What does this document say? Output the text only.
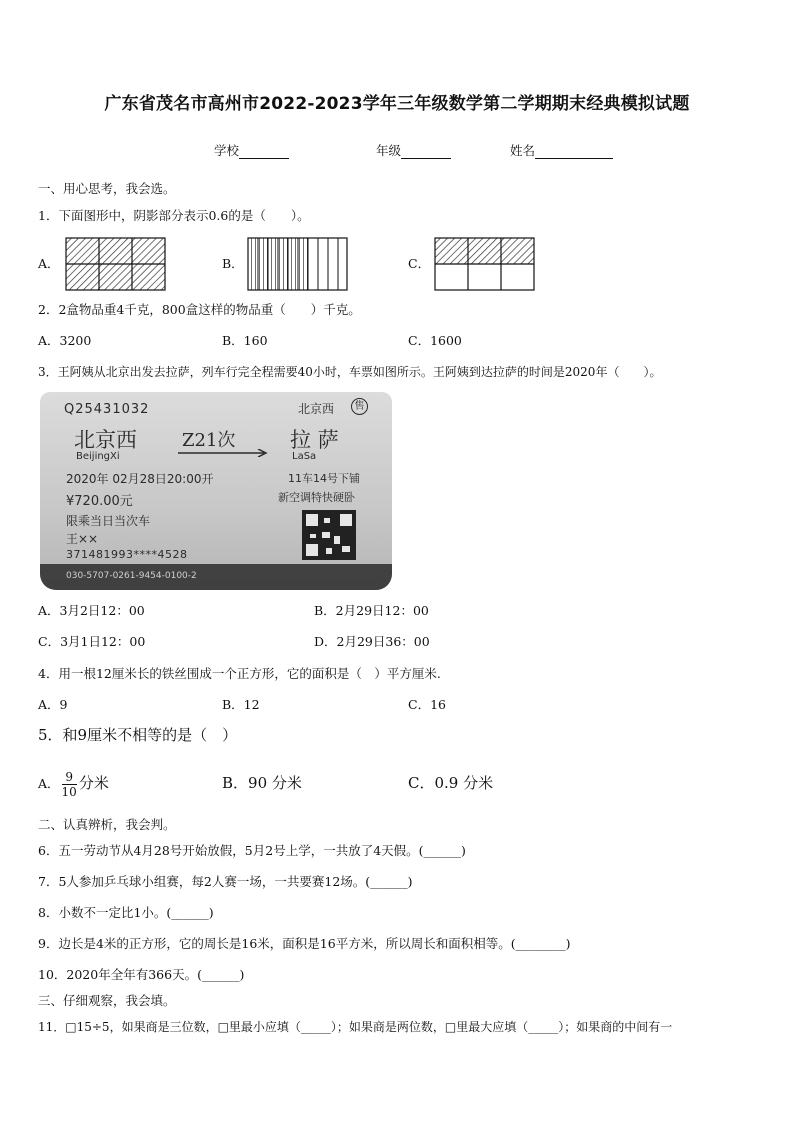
广东省茂名市高州市2022-2023学年三年级数学第二学期期末经典模拟试题
学校	年级	姓名
一、用心思考，我会选。
1．下面图形中，阴影部分表示0.6的是（　　）。
A．	B．	C．
2．2盒物品重4千克，800盒这样的物品重（　　）千克。
A．3200	B．160	C．1600
3．王阿姨从北京出发去拉萨，列车行完全程需要40小时，车票如图所示。王阿姨到达拉萨的时间是2020年（　　）。
Q25431032	北京西	售
北京西
BeijingXi
Z21次	拉 萨
LaSa
2020年 02月28日20:00开	11车14号下铺
¥720.00元	新空调特快硬卧
限乘当日当次车
王××
371481993****4528
030-5707-0261-9454-0100-2
A．3月2日12：00	B．2月29日12：00
C．3月1日12：00	D．2月29日36：00
4．用一根12厘米长的铁丝围成一个正方形，它的面积是（　）平方厘米.
A．9	B．12	C．16
5．和9厘米不相等的是（　）
A． $\frac{9}{10}$ 分米	B．90 分米	C．0.9 分米
二、认真辨析，我会判。
6．五一劳动节从4月28号开始放假，5月2号上学，一共放了4天假。(______)
7．5人参加乒乓球小组赛，每2人赛一场，一共要赛12场。(______)
8．小数不一定比1小。(______)
9．边长是4米的正方形，它的周长是16米，面积是16平方米，所以周长和面积相等。(________)
10．2020年全年有366天。(______)
三、仔细观察，我会填。
11．□15÷5，如果商是三位数，□里最小应填（_____）；如果商是两位数，□里最大应填（_____）；如果商的中间有一
